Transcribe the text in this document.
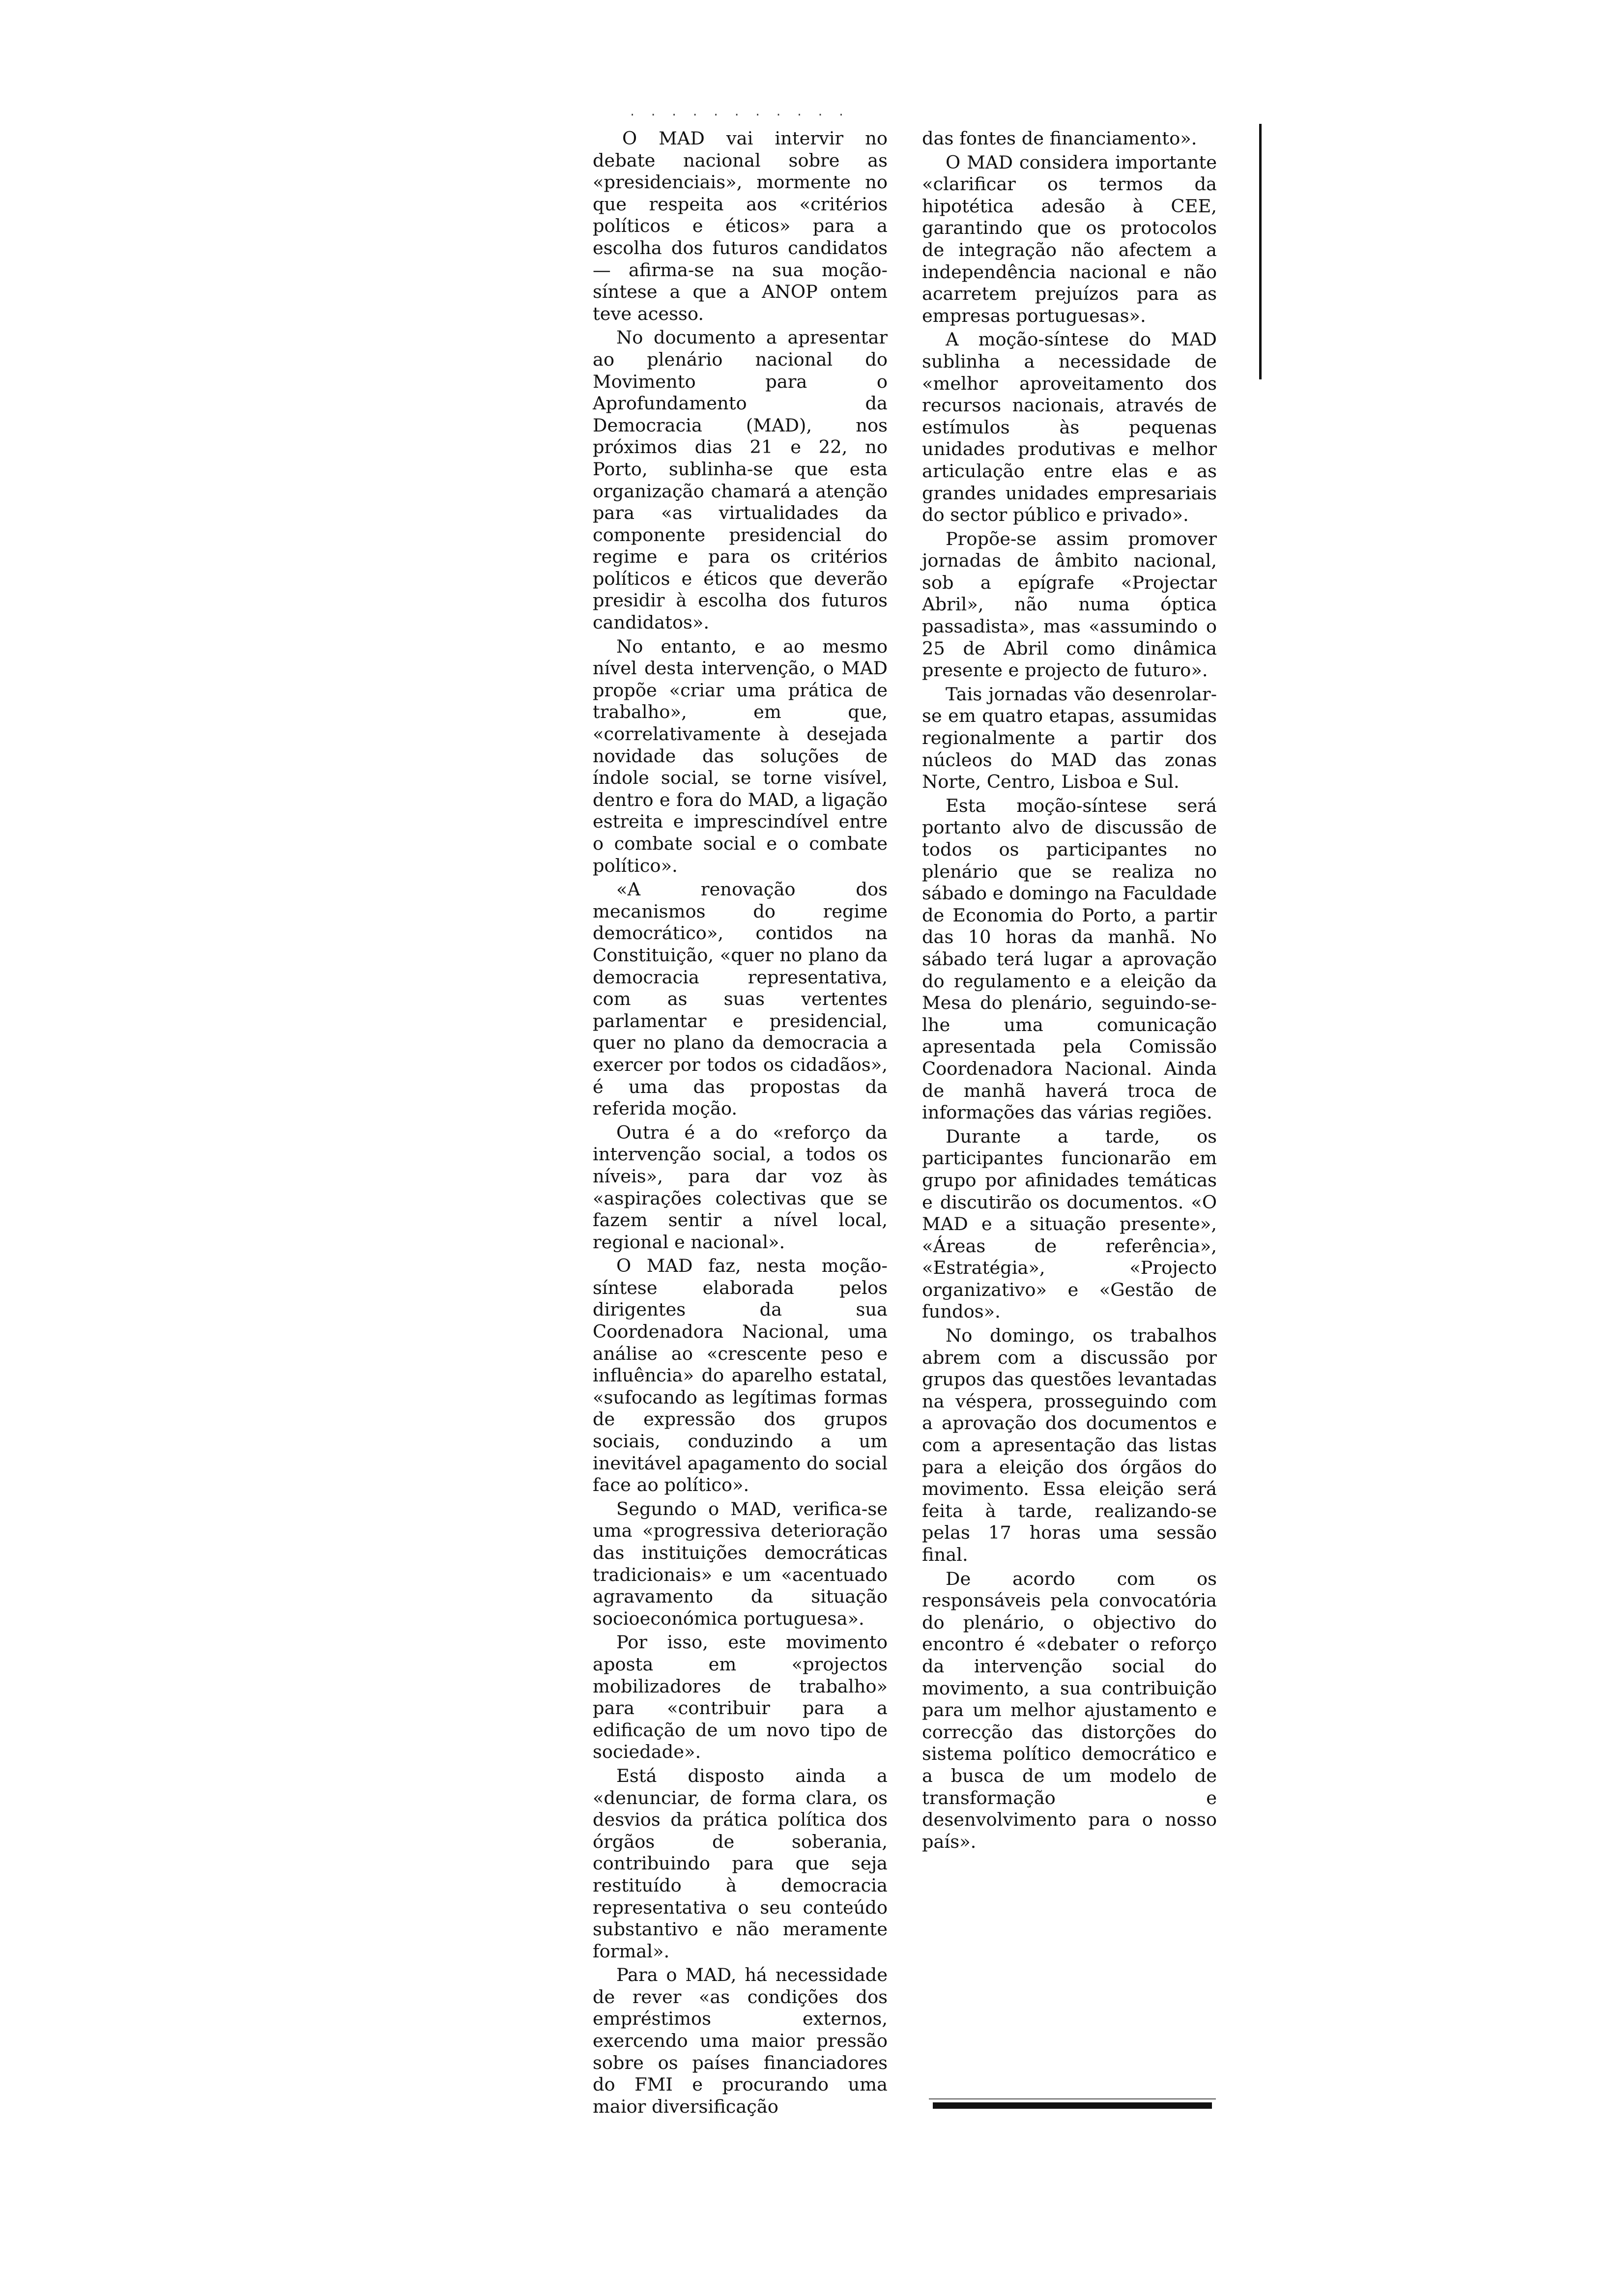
· · · · · · · · · · ·

O MAD vai intervir no debate nacional sobre as «presidenciais», mormente no que respeita aos «critérios políticos e éticos» para a escolha dos futuros candidatos — afirma-se na sua moção-síntese a que a ANOP ontem teve acesso.

No documento a apresentar ao plenário nacional do Movimento para o Aprofundamento da Democracia (MAD), nos próximos dias 21 e 22, no Porto, sublinha-se que esta organização chamará a atenção para «as virtualidades da componente presidencial do regime e para os critérios políticos e éticos que deverão presidir à escolha dos futuros candidatos».

No entanto, e ao mesmo nível desta intervenção, o MAD propõe «criar uma prática de trabalho», em que, «correlativamente à desejada novidade das soluções de índole social, se torne visível, dentro e fora do MAD, a ligação estreita e imprescindível entre o combate social e o combate político».

«A renovação dos mecanismos do regime democrático», contidos na Constituição, «quer no plano da democracia representativa, com as suas vertentes parlamentar e presidencial, quer no plano da democracia a exercer por todos os cidadãos», é uma das propostas da referida moção.

Outra é a do «reforço da intervenção social, a todos os níveis», para dar voz às «aspirações colectivas que se fazem sentir a nível local, regional e nacional».

O MAD faz, nesta moção-síntese elaborada pelos dirigentes da sua Coordenadora Nacional, uma análise ao «crescente peso e influência» do aparelho estatal, «sufocando as legítimas formas de expressão dos grupos sociais, conduzindo a um inevitável apagamento do social face ao político».

Segundo o MAD, verifica-se uma «progressiva deterioração das instituições democráticas tradicionais» e um «acentuado agravamento da situação socioeconómica portuguesa».

Por isso, este movimento aposta em «projectos mobilizadores de trabalho» para «contribuir para a edificação de um novo tipo de sociedade».

Está disposto ainda a «denunciar, de forma clara, os desvios da prática política dos órgãos de soberania, contribuindo para que seja restituído à democracia representativa o seu conteúdo substantivo e não meramente formal».

Para o MAD, há necessidade de rever «as condições dos empréstimos externos, exercendo uma maior pressão sobre os países financiadores do FMI e procurando uma maior diversificação

das fontes de financiamento».

O MAD considera importante «clarificar os termos da hipotética adesão à CEE, garantindo que os protocolos de integração não afectem a independência nacional e não acarretem prejuízos para as empresas portuguesas».

A moção-síntese do MAD sublinha a necessidade de «melhor aproveitamento dos recursos nacionais, através de estímulos às pequenas unidades produtivas e melhor articulação entre elas e as grandes unidades empresariais do sector público e privado».

Propõe-se assim promover jornadas de âmbito nacional, sob a epígrafe «Projectar Abril», não numa óptica passadista», mas «assumindo o 25 de Abril como dinâmica presente e projecto de futuro».

Tais jornadas vão desenrolar-se em quatro etapas, assumidas regionalmente a partir dos núcleos do MAD das zonas Norte, Centro, Lisboa e Sul.

Esta moção-síntese será portanto alvo de discussão de todos os participantes no plenário que se realiza no sábado e domingo na Faculdade de Economia do Porto, a partir das 10 horas da manhã. No sábado terá lugar a aprovação do regulamento e a eleição da Mesa do plenário, seguindo-se-lhe uma comunicação apresentada pela Comissão Coordenadora Nacional. Ainda de manhã haverá troca de informações das várias regiões.

Durante a tarde, os participantes funcionarão em grupo por afinidades temáticas e discutirão os documentos. «O MAD e a situação presente», «Áreas de referência», «Estratégia», «Projecto organizativo» e «Gestão de fundos».

No domingo, os trabalhos abrem com a discussão por grupos das questões levantadas na véspera, prosseguindo com a aprovação dos documentos e com a apresentação das listas para a eleição dos órgãos do movimento. Essa eleição será feita à tarde, realizando-se pelas 17 horas uma sessão final.

De acordo com os responsáveis pela convocatória do plenário, o objectivo do encontro é «debater o reforço da intervenção social do movimento, a sua contribuição para um melhor ajustamento e correcção das distorções do sistema político democrático e a busca de um modelo de transformação e desenvolvimento para o nosso país».
